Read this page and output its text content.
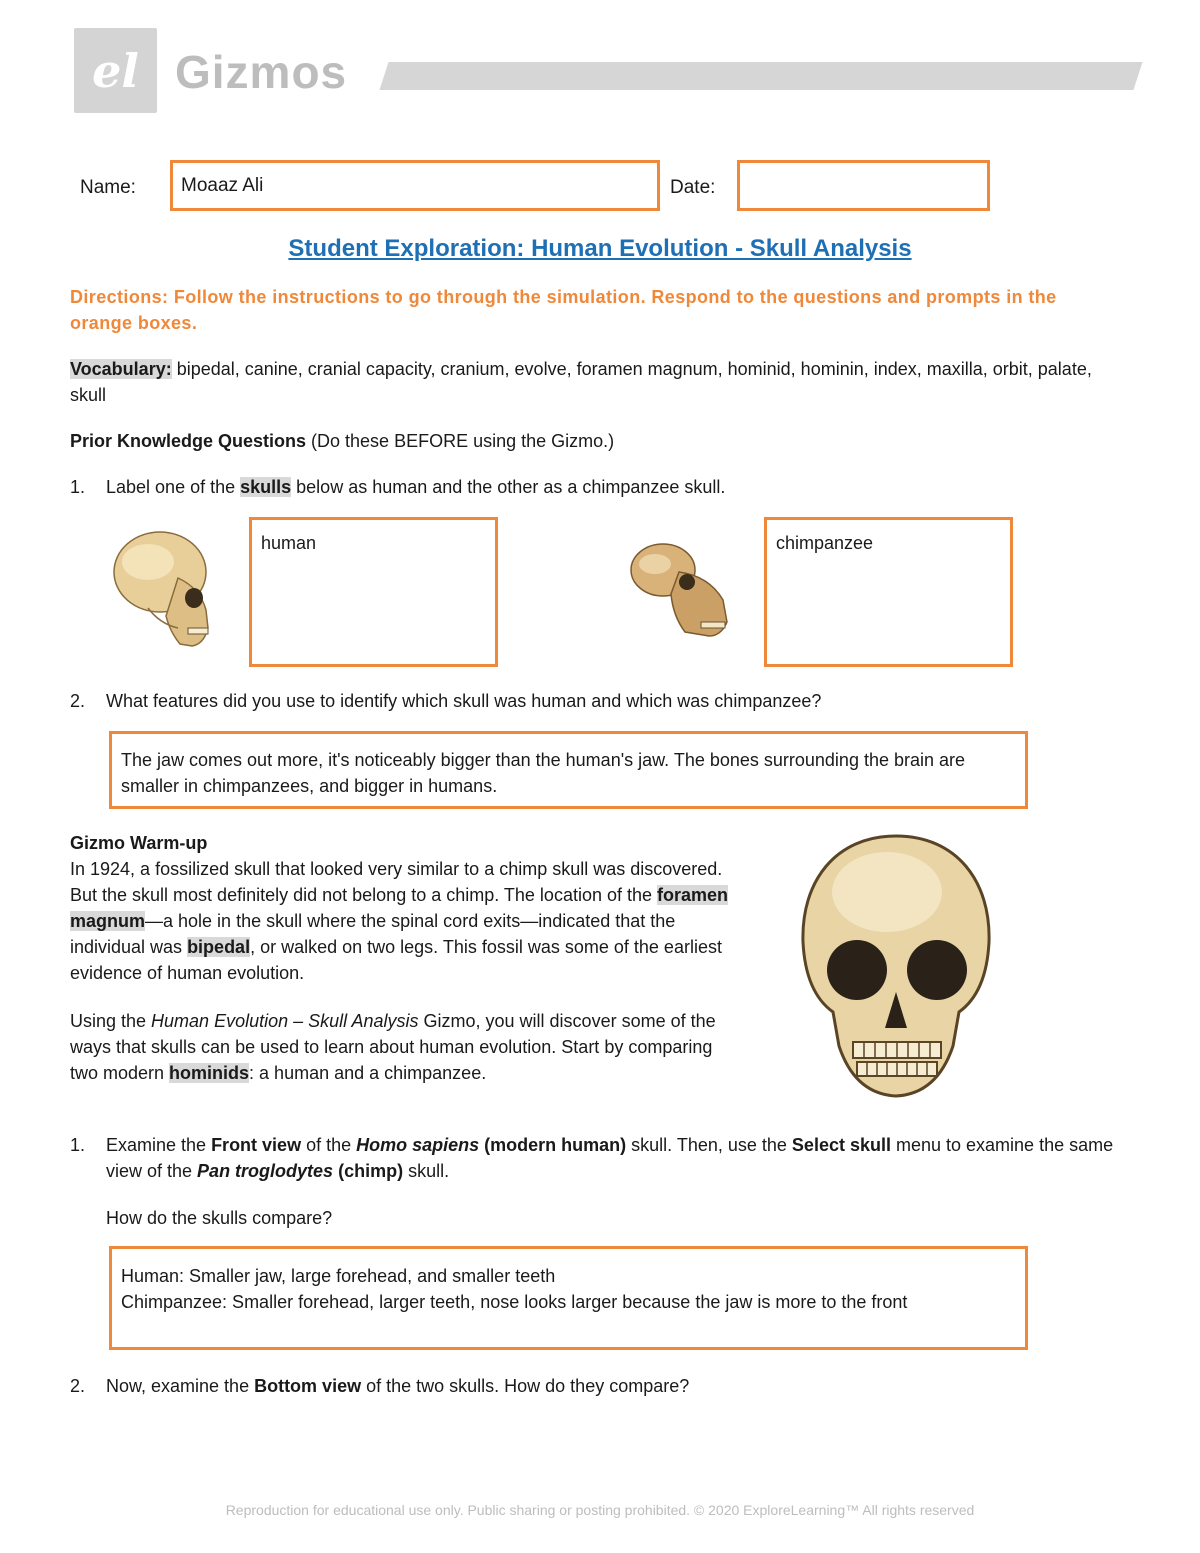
el Gizmos
Name:	Moaaz Ali	Date:
Student Exploration: Human Evolution - Skull Analysis
Directions: Follow the instructions to go through the simulation. Respond to the questions and prompts in the orange boxes.
Vocabulary: bipedal, canine, cranial capacity, cranium, evolve, foramen magnum, hominid, hominin, index, maxilla, orbit, palate, skull
Prior Knowledge Questions (Do these BEFORE using the Gizmo.)
1. Label one of the skulls below as human and the other as a chimpanzee skull.
human	chimpanzee
2. What features did you use to identify which skull was human and which was chimpanzee?
The jaw comes out more, it's noticeably bigger than the human's jaw. The bones surrounding the brain are smaller in chimpanzees, and bigger in humans.
Gizmo Warm-up
In 1924, a fossilized skull that looked very similar to a chimp skull was discovered. But the skull most definitely did not belong to a chimp. The location of the foramen magnum—a hole in the skull where the spinal cord exits—indicated that the individual was bipedal, or walked on two legs. This fossil was some of the earliest evidence of human evolution.
Using the Human Evolution – Skull Analysis Gizmo, you will discover some of the ways that skulls can be used to learn about human evolution. Start by comparing two modern hominids: a human and a chimpanzee.
1. Examine the Front view of the Homo sapiens (modern human) skull. Then, use the Select skull menu to examine the same view of the Pan troglodytes (chimp) skull.
How do the skulls compare?
Human: Smaller jaw, large forehead, and smaller teeth
Chimpanzee: Smaller forehead, larger teeth, nose looks larger because the jaw is more to the front
2. Now, examine the Bottom view of the two skulls. How do they compare?
Reproduction for educational use only. Public sharing or posting prohibited. © 2020 ExploreLearning™ All rights reserved
